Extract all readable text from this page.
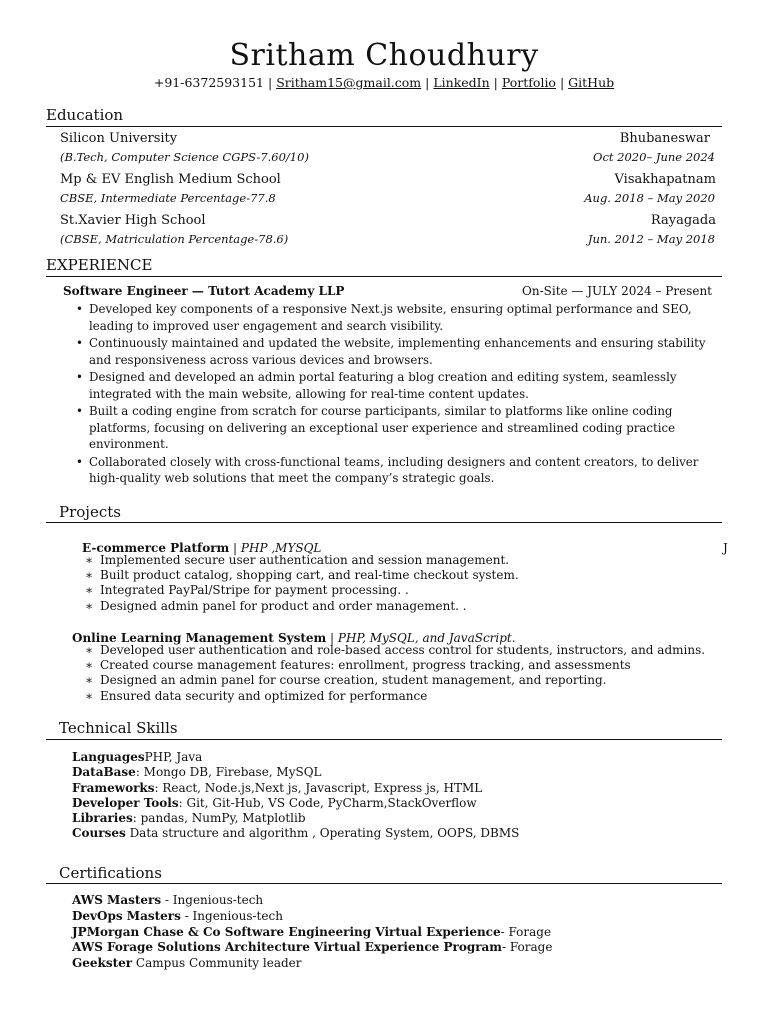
Sritham Choudhury
+91-6372593151 | Sritham15@gmail.com | LinkedIn | Portfolio | GitHub
Education
Silicon University	Bhubaneswar
(B.Tech, Computer Science CGPS-7.60/10)	Oct 2020– June 2024
Mp & EV English Medium School	Visakhapatnam
CBSE, Intermediate Percentage-77.8	Aug. 2018 – May 2020
St.Xavier High School	Rayagada
(CBSE, Matriculation Percentage-78.6)	Jun. 2012 – May 2018
EXPERIENCE
Software Engineer — Tutort Academy LLP	On-Site — JULY 2024 – Present
• Developed key components of a responsive Next.js website, ensuring optimal performance and SEO, leading to improved user engagement and search visibility.
• Continuously maintained and updated the website, implementing enhancements and ensuring stability and responsiveness across various devices and browsers.
• Designed and developed an admin portal featuring a blog creation and editing system, seamlessly integrated with the main website, allowing for real-time content updates.
• Built a coding engine from scratch for course participants, similar to platforms like online coding platforms, focusing on delivering an exceptional user experience and streamlined coding practice environment.
• Collaborated closely with cross-functional teams, including designers and content creators, to deliver high-quality web solutions that meet the company’s strategic goals.
Projects
J
E-commerce Platform | PHP ,MYSQL
∗ Implemented secure user authentication and session management.
∗ Built product catalog, shopping cart, and real-time checkout system.
∗ Integrated PayPal/Stripe for payment processing. .
∗ Designed admin panel for product and order management. .
Online Learning Management System | PHP, MySQL, and JavaScript.
∗ Developed user authentication and role-based access control for students, instructors, and admins.
∗ Created course management features: enrollment, progress tracking, and assessments
∗ Designed an admin panel for course creation, student management, and reporting.
∗ Ensured data security and optimized for performance
Technical Skills
LanguagesPHP, Java
DataBase: Mongo DB, Firebase, MySQL
Frameworks: React, Node.js,Next js, Javascript, Express js, HTML
Developer Tools: Git, Git-Hub, VS Code, PyCharm,StackOverflow
Libraries: pandas, NumPy, Matplotlib
Courses Data structure and algorithm , Operating System, OOPS, DBMS
Certifications
AWS Masters - Ingenious-tech
DevOps Masters - Ingenious-tech
JPMorgan Chase & Co Software Engineering Virtual Experience- Forage
AWS Forage Solutions Architecture Virtual Experience Program- Forage
Geekster Campus Community leader
